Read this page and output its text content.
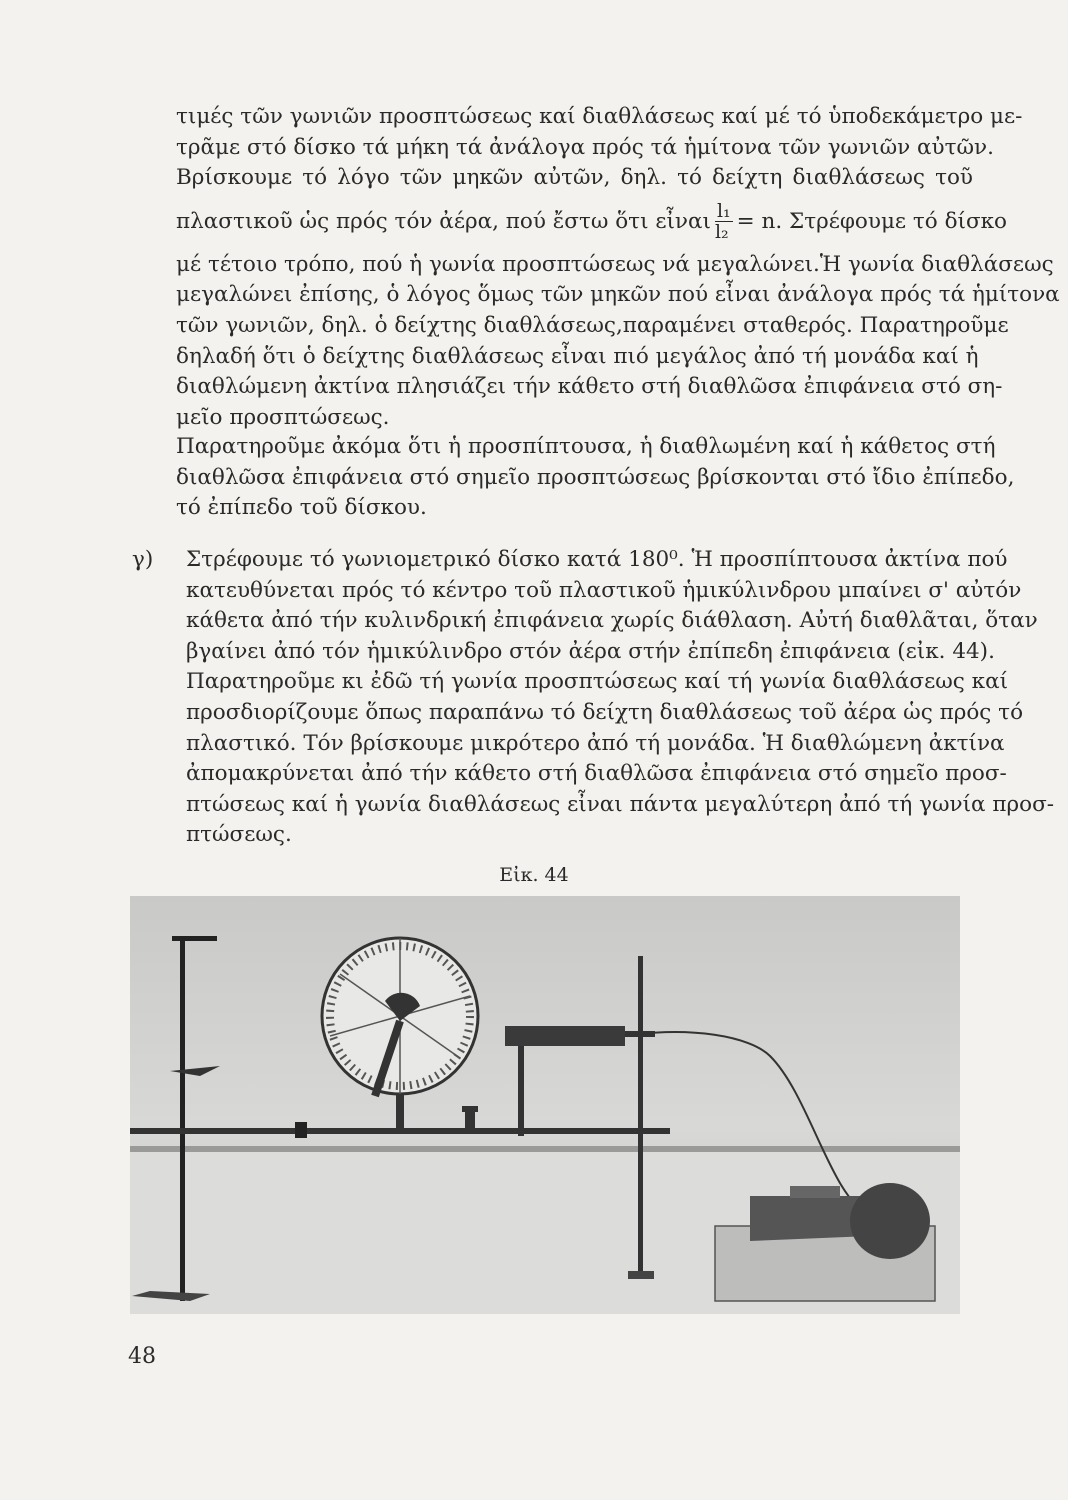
τιμές τῶν γωνιῶν προσπτώσεως καί διαθλάσεως καί μέ τό ὑποδεκάμετρο με-
τρᾶμε στό δίσκο τά μήκη τά ἀνάλογα πρός τά ἡμίτονα τῶν γωνιῶν αὐτῶν.
Βρίσκουμε τό λόγο τῶν μηκῶν αὐτῶν, δηλ. τό δείχτη διαθλάσεως τοῦ
πλαστικοῦ ὡς πρός τόν ἀέρα, πού ἔστω ὅτι εἶναι $\frac{\text{l₁}}{\text{l₂}} = n$. Στρέφουμε τό δίσκο
μέ τέτοιο τρόπο, πού ἡ γωνία προσπτώσεως νά μεγαλώνει.Ἡ γωνία διαθλάσεως
μεγαλώνει ἐπίσης, ὁ λόγος ὅμως τῶν μηκῶν πού εἶναι ἀνάλογα πρός τά ἡμίτονα
τῶν γωνιῶν, δηλ. ὁ δείχτης διαθλάσεως,παραμένει σταθερός. Παρατηροῦμε
δηλαδή ὅτι ὁ δείχτης διαθλάσεως εἶναι πιό μεγάλος ἀπό τή μονάδα καί ἡ
διαθλώμενη ἀκτίνα πλησιάζει τήν κάθετο στή διαθλῶσα ἐπιφάνεια στό ση-
μεῖο προσπτώσεως.
Παρατηροῦμε ἀκόμα ὅτι ἡ προσπίπτουσα, ἡ διαθλωμένη καί ἡ κάθετος στή
διαθλῶσα ἐπιφάνεια στό σημεῖο προσπτώσεως βρίσκονται στό ἴδιο ἐπίπεδο,
τό ἐπίπεδο τοῦ δίσκου.
γ) Στρέφουμε τό γωνιομετρικό δίσκο κατά 180⁰. Ἡ προσπίπτουσα ἀκτίνα πού
κατευθύνεται πρός τό κέντρο τοῦ πλαστικοῦ ἡμικύλινδρου μπαίνει σ' αὐτόν
κάθετα ἀπό τήν κυλινδρική ἐπιφάνεια χωρίς διάθλαση. Αὐτή διαθλᾶται, ὅταν
βγαίνει ἀπό τόν ἡμικύλινδρο στόν ἀέρα στήν ἐπίπεδη ἐπιφάνεια (εἰκ. 44).
Παρατηροῦμε κι ἐδῶ τή γωνία προσπτώσεως καί τή γωνία διαθλάσεως καί
προσδιορίζουμε ὅπως παραπάνω τό δείχτη διαθλάσεως τοῦ ἀέρα ὡς πρός τό
πλαστικό. Τόν βρίσκουμε μικρότερο ἀπό τή μονάδα. Ἡ διαθλώμενη ἀκτίνα
ἀπομακρύνεται ἀπό τήν κάθετο στή διαθλῶσα ἐπιφάνεια στό σημεῖο προσ-
πτώσεως καί ἡ γωνία διαθλάσεως εἶναι πάντα μεγαλύτερη ἀπό τή γωνία προσ-
πτώσεως.
Εἰκ. 44
48
